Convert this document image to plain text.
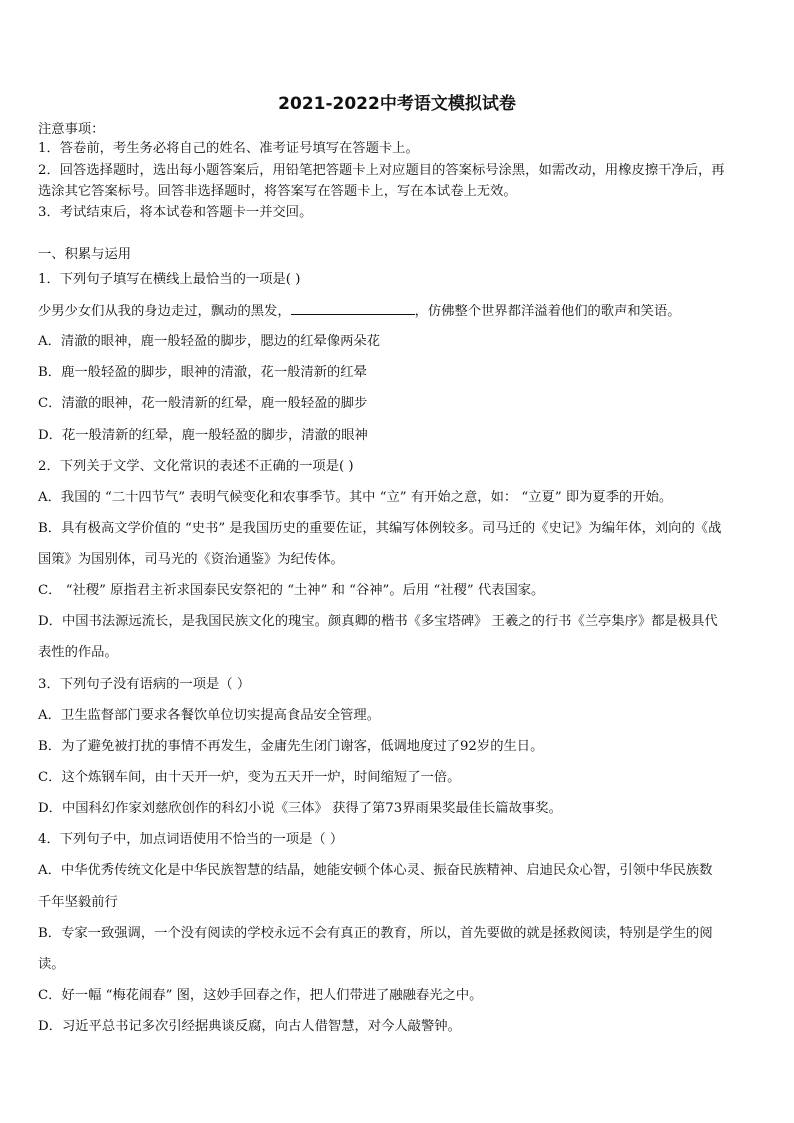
2021-2022中考语文模拟试卷
注意事项：
1．答卷前，考生务必将自己的姓名、准考证号填写在答题卡上。
2．回答选择题时，选出每小题答案后，用铅笔把答题卡上对应题目的答案标号涂黑，如需改动，用橡皮擦干净后，再
选涂其它答案标号。回答非选择题时，将答案写在答题卡上，写在本试卷上无效。
3．考试结束后，将本试卷和答题卡一并交回。
一、积累与运用
1．下列句子填写在横线上最恰当的一项是( )
少男少女们从我的身边走过，飘动的黑发，	，仿佛整个世界都洋溢着他们的歌声和笑语。
A．清澈的眼神，鹿一般轻盈的脚步，腮边的红晕像两朵花
B．鹿一般轻盈的脚步，眼神的清澈，花一般清新的红晕
C．清澈的眼神，花一般清新的红晕，鹿一般轻盈的脚步
D．花一般清新的红晕，鹿一般轻盈的脚步，清澈的眼神
2．下列关于文学、文化常识的表述不正确的一项是( )
A．我国的 “二十四节气” 表明气候变化和农事季节。其中 “立” 有开始之意，如： “立夏” 即为夏季的开始。
B．具有极高文学价值的 “史书” 是我国历史的重要佐证，其编写体例较多。司马迁的《史记》为编年体，刘向的《战
国策》为国别体，司马光的《资治通鉴》为纪传体。
C． “社稷” 原指君主祈求国泰民安祭祀的 “土神” 和 “谷神”。后用 “社稷” 代表国家。
D．中国书法源远流长，是我国民族文化的瑰宝。颜真卿的楷书《多宝塔碑》 王羲之的行书《兰亭集序》都是极具代
表性的作品。
3．下列句子没有语病的一项是（ ）
A．卫生监督部门要求各餐饮单位切实提高食品安全管理。
B．为了避免被打扰的事情不再发生，金庸先生闭门谢客，低调地度过了92岁的生日。
C．这个炼钢车间，由十天开一炉，变为五天开一炉，时间缩短了一倍。
D．中国科幻作家刘慈欣创作的科幻小说《三体》 获得了第73界雨果奖最佳长篇故事奖。
4．下列句子中，加点词语使用不恰当的一项是（ ）
A．中华优秀传统文化是中华民族智慧的结晶，她能安顿个体心灵、振奋民族精神、启迪民众心智，引领中华民族数
千年坚毅前行
B．专家一致强调，一个没有阅读的学校永远不会有真正的教育，所以，首先要做的就是拯救阅读，特别是学生的阅
读。
C．好一幅 “梅花闹春” 图，这妙手回春之作，把人们带进了融融春光之中。
D．习近平总书记多次引经据典谈反腐，向古人借智慧，对今人敲警钟。
